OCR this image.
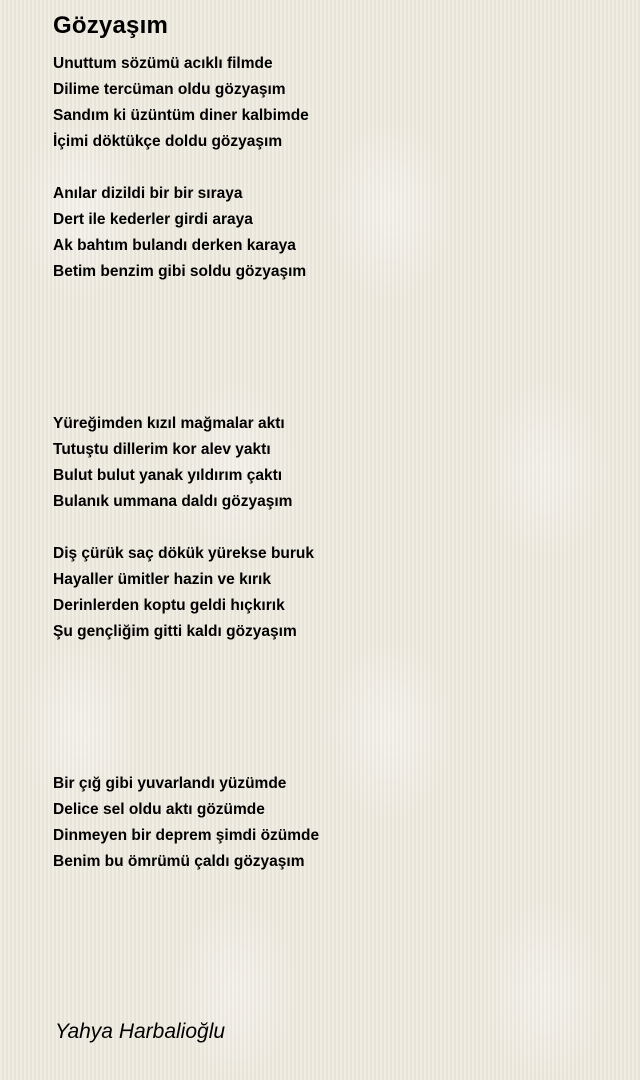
Gözyaşım
Unuttum sözümü acıklı filmde
Dilime tercüman oldu gözyaşım
Sandım ki üzüntüm diner kalbimde
İçimi döktükçe doldu gözyaşım
Anılar dizildi bir bir sıraya
Dert ile kederler girdi araya
Ak bahtım bulandı derken karaya
Betim benzim gibi soldu gözyaşım
Yüreğimden kızıl mağmalar aktı
Tutuştu dillerim kor alev yaktı
Bulut bulut yanak yıldırım çaktı
Bulanık ummana daldı gözyaşım
Diş çürük saç dökük yürekse buruk
Hayaller ümitler hazin ve kırık
Derinlerden koptu geldi hıçkırık
Şu gençliğim gitti kaldı gözyaşım
Bir çığ gibi yuvarlandı yüzümde
Delice sel oldu aktı gözümde
Dinmeyen bir deprem şimdi özümde
Benim bu ömrümü çaldı gözyaşım

Yahya Harbalioğlu
